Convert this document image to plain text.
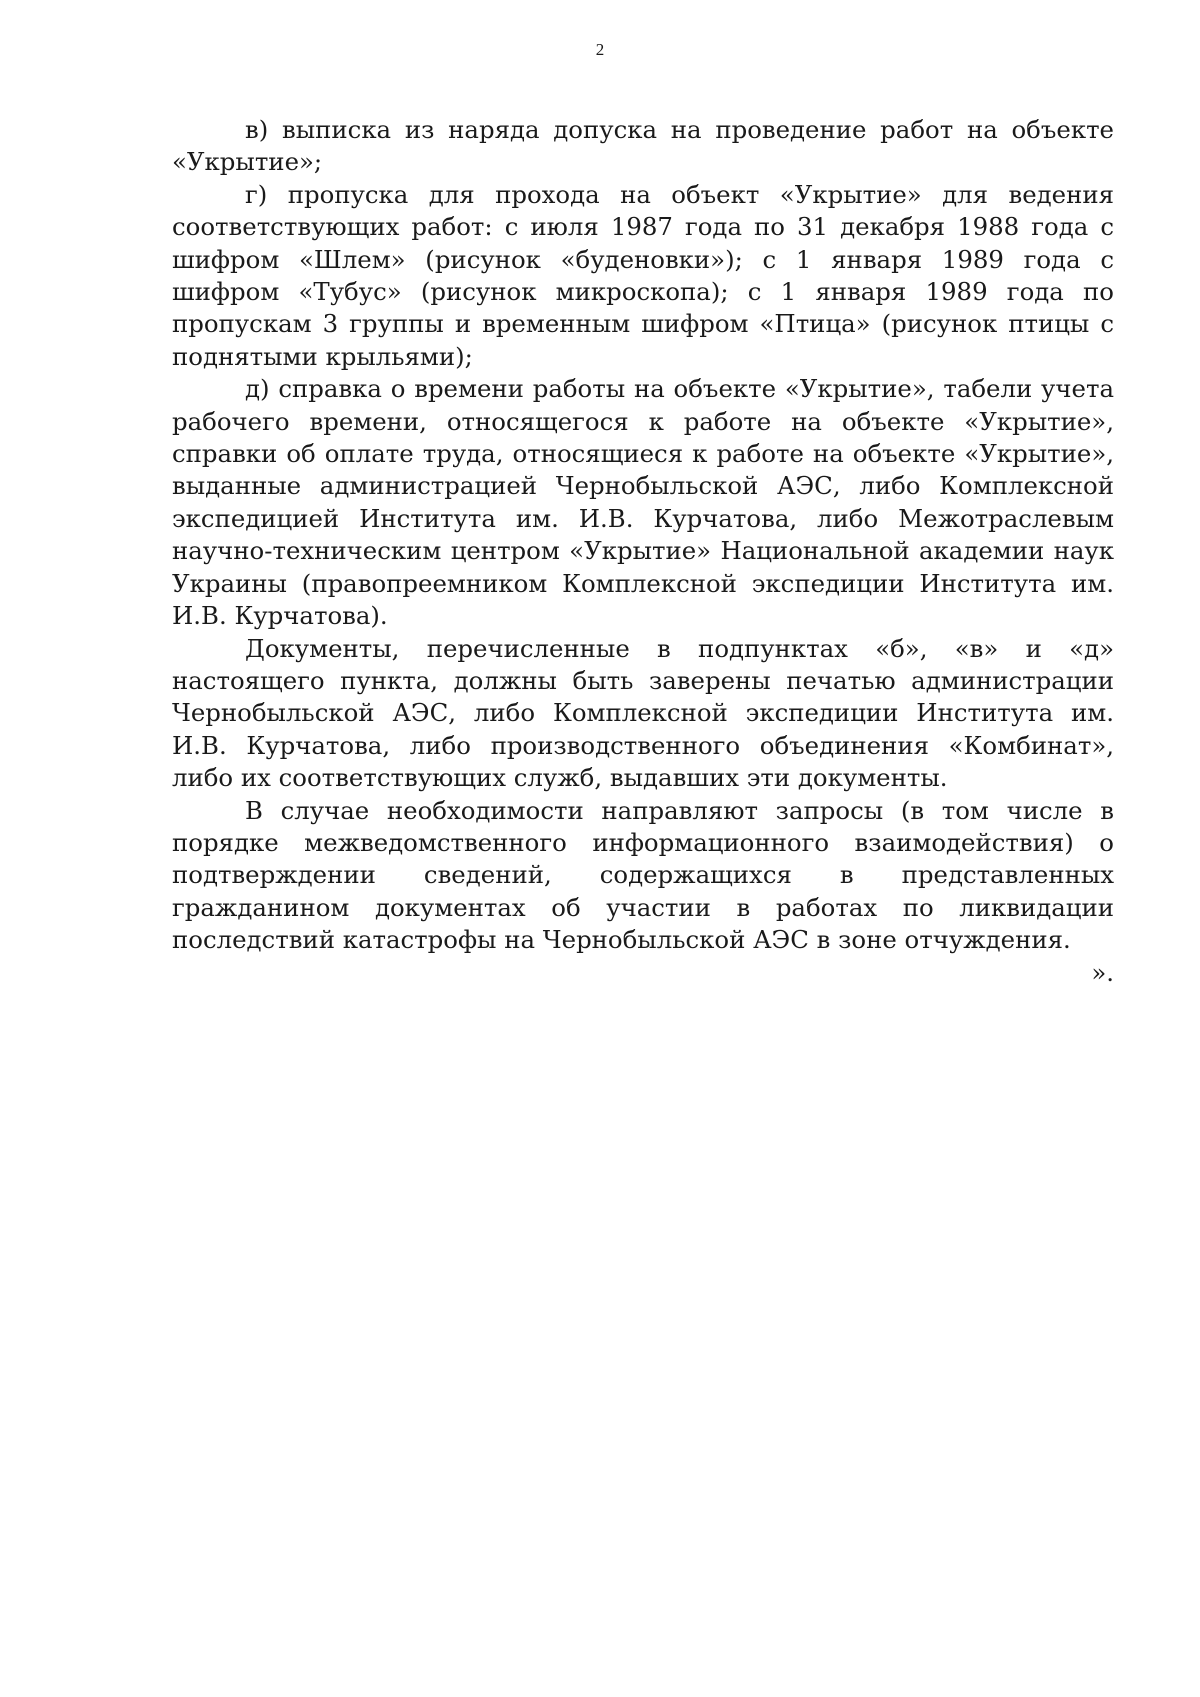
2

в) выписка из наряда допуска на проведение работ на объекте «Укрытие»;

г) пропуска для прохода на объект «Укрытие» для ведения соответствующих работ: с июля 1987 года по 31 декабря 1988 года с шифром «Шлем» (рисунок «буденовки»); с 1 января 1989 года с шифром «Тубус» (рисунок микроскопа); с 1 января 1989 года по пропускам 3 группы и временным шифром «Птица» (рисунок птицы с поднятыми крыльями);

д) справка о времени работы на объекте «Укрытие», табели учета рабочего времени, относящегося к работе на объекте «Укрытие», справки об оплате труда, относящиеся к работе на объекте «Укрытие», выданные администрацией Чернобыльской АЭС, либо Комплексной экспедицией Института им. И.В. Курчатова, либо Межотраслевым научно-техническим центром «Укрытие» Национальной академии наук Украины (правопреемником Комплексной экспедиции Института им. И.В. Курчатова).

Документы, перечисленные в подпунктах «б», «в» и «д» настоящего пункта, должны быть заверены печатью администрации Чернобыльской АЭС, либо Комплексной экспедиции Института им. И.В. Курчатова, либо производственного объединения «Комбинат», либо их соответствующих служб, выдавших эти документы.

В случае необходимости направляют запросы (в том числе в порядке межведомственного информационного взаимодействия) о подтверждении сведений, содержащихся в представленных гражданином документах об участии в работах по ликвидации последствий катастрофы на Чернобыльской АЭС в зоне отчуждения.

».
